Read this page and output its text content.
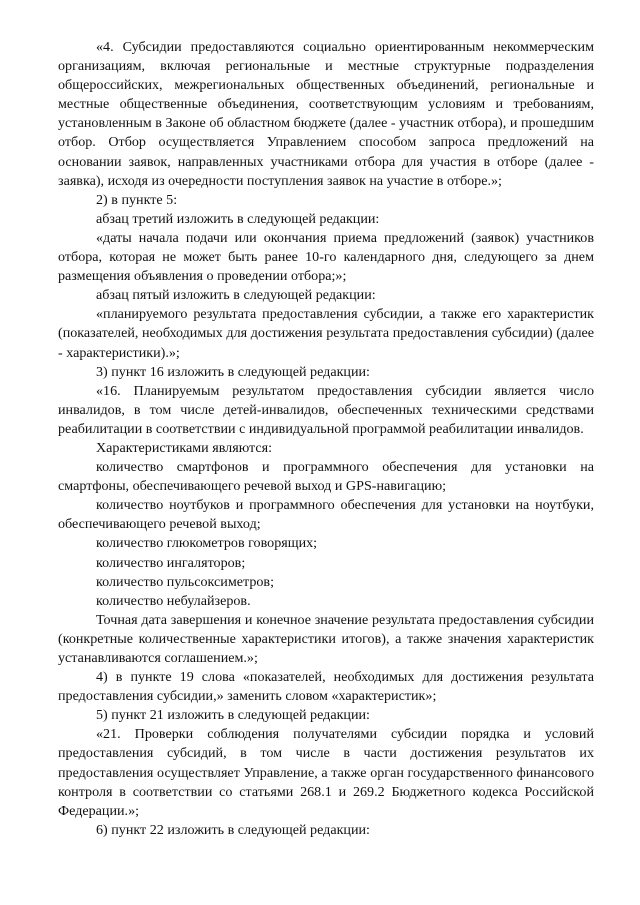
«4. Субсидии предоставляются социально ориентированным некоммерческим организациям, включая региональные и местные структурные подразделения общероссийских, межрегиональных общественных объединений, региональные и местные общественные объединения, соответствующим условиям и требованиям, установленным в Законе об областном бюджете (далее - участник отбора), и прошедшим отбор. Отбор осуществляется Управлением способом запроса предложений на основании заявок, направленных участниками отбора для участия в отборе (далее - заявка), исходя из очередности поступления заявок на участие в отборе.»;

2) в пункте 5:

абзац третий изложить в следующей редакции:

«даты начала подачи или окончания приема предложений (заявок) участников отбора, которая не может быть ранее 10-го календарного дня, следующего за днем размещения объявления о проведении отбора;»;

абзац пятый изложить в следующей редакции:

«планируемого результата предоставления субсидии, а также его характеристик (показателей, необходимых для достижения результата предоставления субсидии) (далее - характеристики).»;

3) пункт 16 изложить в следующей редакции:

«16. Планируемым результатом предоставления субсидии является число инвалидов, в том числе детей-инвалидов, обеспеченных техническими средствами реабилитации в соответствии с индивидуальной программой реабилитации инвалидов.

Характеристиками являются:

количество смартфонов и программного обеспечения для установки на смартфоны, обеспечивающего речевой выход и GPS-навигацию;

количество ноутбуков и программного обеспечения для установки на ноутбуки, обеспечивающего речевой выход;

количество глюкометров говорящих;

количество ингаляторов;

количество пульсоксиметров;

количество небулайзеров.

Точная дата завершения и конечное значение результата предоставления субсидии (конкретные количественные характеристики итогов), а также значения характеристик устанавливаются соглашением.»;

4) в пункте 19 слова «показателей, необходимых для достижения результата предоставления субсидии,» заменить словом «характеристик»;

5) пункт 21 изложить в следующей редакции:

«21. Проверки соблюдения получателями субсидии порядка и условий предоставления субсидий, в том числе в части достижения результатов их предоставления осуществляет Управление, а также орган государственного финансового контроля в соответствии со статьями 268.1 и 269.2 Бюджетного кодекса Российской Федерации.»;

6) пункт 22 изложить в следующей редакции:
